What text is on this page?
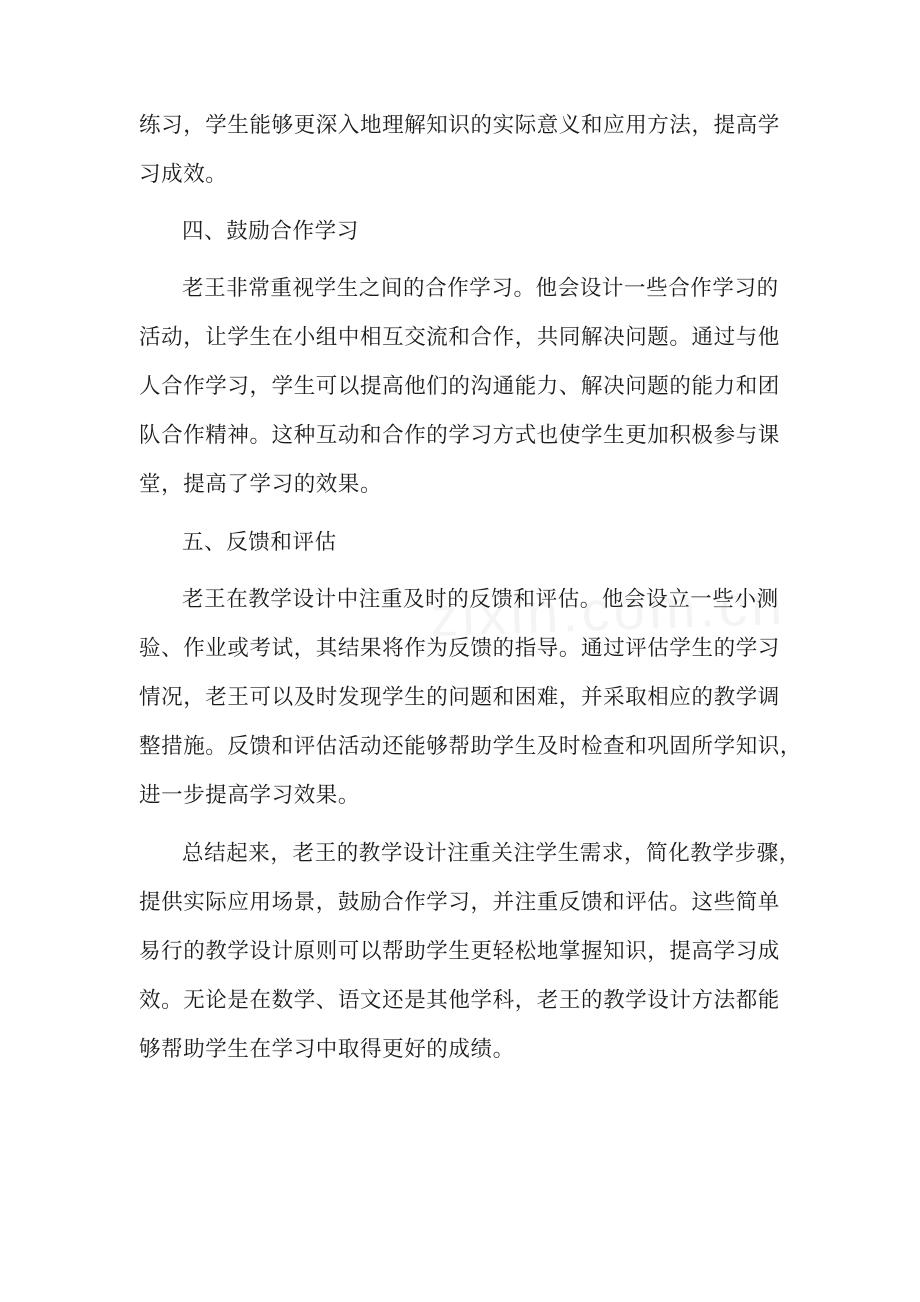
练习，学生能够更深入地理解知识的实际意义和应用方法，提高学
习成效。
四、鼓励合作学习
老王非常重视学生之间的合作学习。他会设计一些合作学习的
活动，让学生在小组中相互交流和合作，共同解决问题。通过与他
人合作学习，学生可以提高他们的沟通能力、解决问题的能力和团
队合作精神。这种互动和合作的学习方式也使学生更加积极参与课
堂，提高了学习的效果。
五、反馈和评估
老王在教学设计中注重及时的反馈和评估。他会设立一些小测
验、作业或考试，其结果将作为反馈的指导。通过评估学生的学习
情况，老王可以及时发现学生的问题和困难，并采取相应的教学调
整措施。反馈和评估活动还能够帮助学生及时检查和巩固所学知识，
进一步提高学习效果。
总结起来，老王的教学设计注重关注学生需求，简化教学步骤，
提供实际应用场景，鼓励合作学习，并注重反馈和评估。这些简单
易行的教学设计原则可以帮助学生更轻松地掌握知识，提高学习成
效。无论是在数学、语文还是其他学科，老王的教学设计方法都能
够帮助学生在学习中取得更好的成绩。
